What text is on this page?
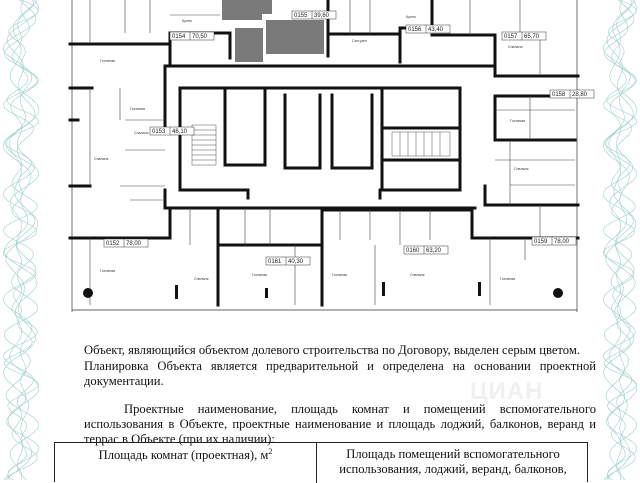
0154 70,50
0155 39,60
0156 43,40
0157 65,70
0158 28,80
0153 46,10
0152 78,00
0161 40,30
0160 63,20
0159 78,00
Гостиная
Кухня
Гостиная
Спальня
Спальня
Спальня
Гостиная
Спальня
Гостиная
Спальня
Гостиная	Гостиная	Спальня
Гостиная
Кухня
Сан.узел
Объект, являющийся объектом долевого строительства по Договору, выделен серым цветом.
Планировка Объекта является предварительной и определена на основании проектной документации.
Проектные наименование, площадь комнат и помещений вспомогательного использования в Объекте, проектные наименование и площадь лоджий, балконов, веранд и террас в Объекте (при их наличии):
ЦИАН
Площадь комнат (проектная), $м^2$	Площадь помещений вспомогательного использования, лоджий, веранд, балконов,
